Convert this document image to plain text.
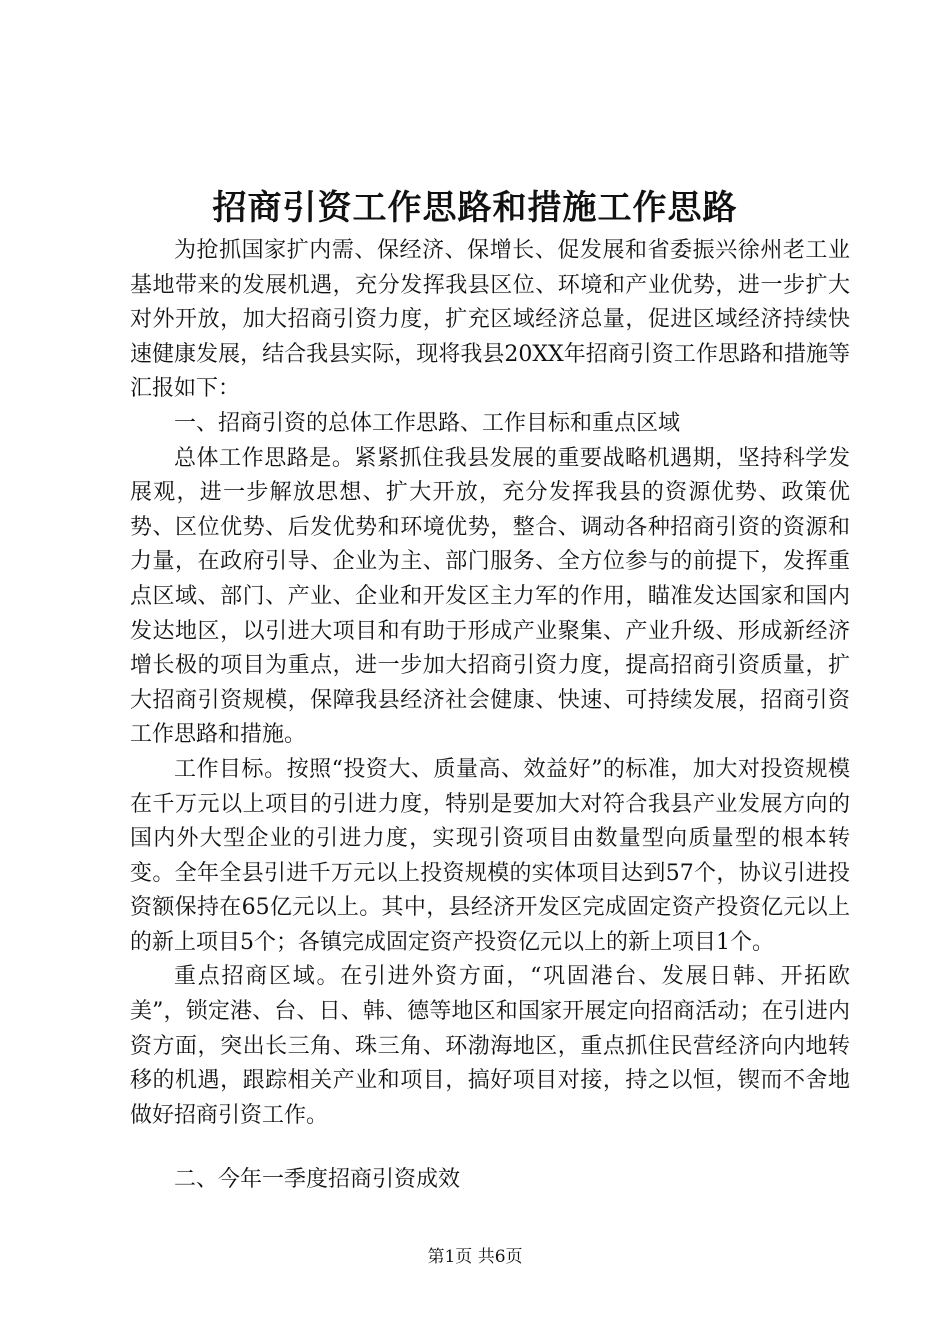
招商引资工作思路和措施工作思路

为抢抓国家扩内需、保经济、保增长、促发展和省委振兴徐州老工业基地带来的发展机遇，充分发挥我县区位、环境和产业优势，进一步扩大对外开放，加大招商引资力度，扩充区域经济总量，促进区域经济持续快速健康发展，结合我县实际，现将我县20XX年招商引资工作思路和措施等汇报如下：

一、招商引资的总体工作思路、工作目标和重点区域

总体工作思路是。紧紧抓住我县发展的重要战略机遇期，坚持科学发展观，进一步解放思想、扩大开放，充分发挥我县的资源优势、政策优势、区位优势、后发优势和环境优势，整合、调动各种招商引资的资源和力量，在政府引导、企业为主、部门服务、全方位参与的前提下，发挥重点区域、部门、产业、企业和开发区主力军的作用，瞄准发达国家和国内发达地区，以引进大项目和有助于形成产业聚集、产业升级、形成新经济增长极的项目为重点，进一步加大招商引资力度，提高招商引资质量，扩大招商引资规模，保障我县经济社会健康、快速、可持续发展，招商引资工作思路和措施。

工作目标。按照“投资大、质量高、效益好”的标准，加大对投资规模在千万元以上项目的引进力度，特别是要加大对符合我县产业发展方向的国内外大型企业的引进力度，实现引资项目由数量型向质量型的根本转变。全年全县引进千万元以上投资规模的实体项目达到57个，协议引进投资额保持在65亿元以上。其中，县经济开发区完成固定资产投资亿元以上的新上项目5个；各镇完成固定资产投资亿元以上的新上项目1个。

重点招商区域。在引进外资方面，“巩固港台、发展日韩、开拓欧美”，锁定港、台、日、韩、德等地区和国家开展定向招商活动；在引进内资方面，突出长三角、珠三角、环渤海地区，重点抓住民营经济向内地转移的机遇，跟踪相关产业和项目，搞好项目对接，持之以恒，锲而不舍地做好招商引资工作。

二、今年一季度招商引资成效

第1页 共6页
